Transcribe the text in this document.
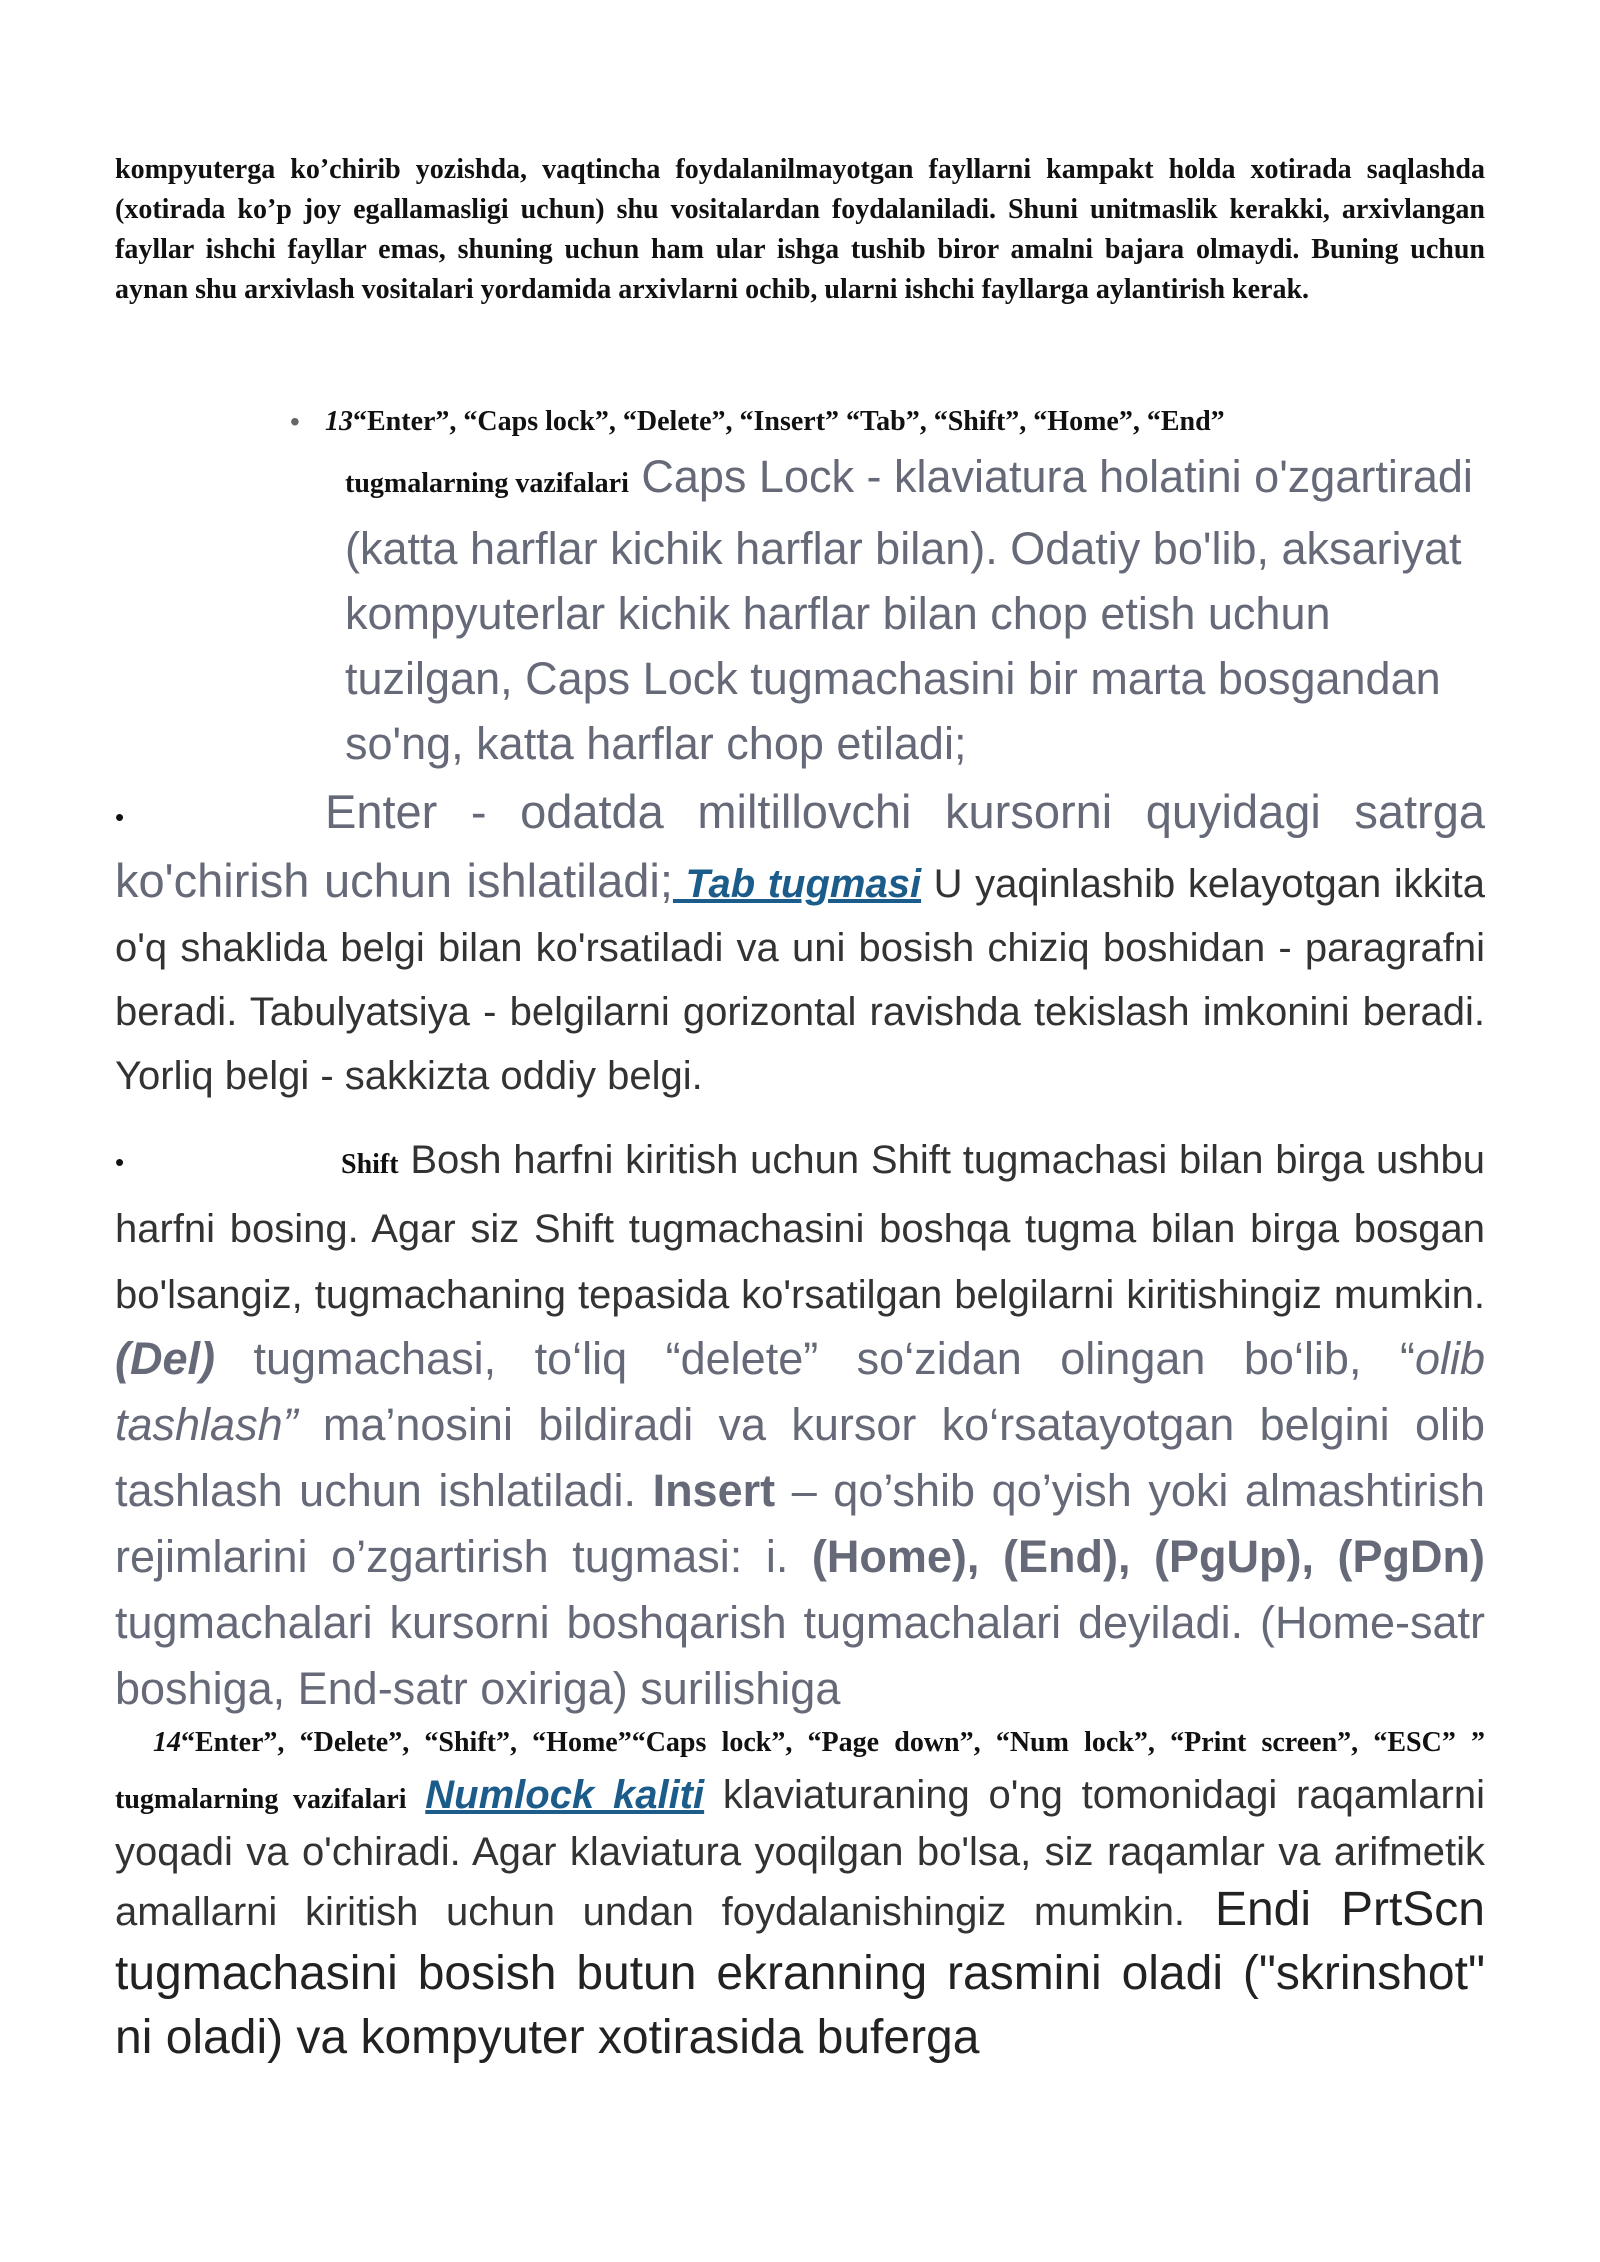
kompyuterga ko’chirib yozishda, vaqtincha foydalanilmayotgan fayllarni kampakt holda xotirada saqlashda (xotirada ko’p joy egallamasligi uchun) shu vositalardan foydalaniladi. Shuni unitmaslik kerakki, arxivlangan fayllar ishchi fayllar emas, shuning uchun ham ular ishga tushib biror amalni bajara olmaydi. Buning uchun aynan shu arxivlash vositalari yordamida arxivlarni ochib, ularni ishchi fayllarga aylantirish kerak.

• 13“Enter”, “Caps lock”, “Delete”, “Insert” “Tab”, “Shift”, “Home”, “End”
tugmalarning vazifalari Caps Lock - klaviatura holatini o'zgartiradi (katta harflar kichik harflar bilan). Odatiy bo'lib, aksariyat kompyuterlar kichik harflar bilan chop etish uchun tuzilgan, Caps Lock tugmachasini bir marta bosgandan so'ng, katta harflar chop etiladi;

•	Enter - odatda miltillovchi kursorni quyidagi satrga ko'chirish uchun ishlatiladi; Tab tugmasi U yaqinlashib kelayotgan ikkita o'q shaklida belgi bilan ko'rsatiladi va uni bosish chiziq boshidan - paragrafni beradi. Tabulyatsiya - belgilarni gorizontal ravishda tekislash imkonini beradi. Yorliq belgi - sakkizta oddiy belgi.

•	Shift Bosh harfni kiritish uchun Shift tugmachasi bilan birga ushbu harfni bosing. Agar siz Shift tugmachasini boshqa tugma bilan birga bosgan bo'lsangiz, tugmachaning tepasida ko'rsatilgan belgilarni kiritishingiz mumkin. (Del) tugmachasi, to‘liq “delete” so‘zidan olingan bo‘lib, “olib tashlash” ma’nosini bildiradi va kursor ko‘rsatayotgan belgini olib tashlash uchun ishlatiladi. Insert – qo’shib qo’yish yoki almashtirish rejimlarini o’zgartirish tugmasi: i. (Home), (End), (PgUp), (PgDn) tugmachalari kursorni boshqarish tugmachalari deyiladi. (Home-satr boshiga, End-satr oxiriga) surilishiga

14“Enter”, “Delete”, “Shift”, “Home”“Caps lock”, “Page down”, “Num lock”, “Print screen”, “ESC” ” tugmalarning vazifalari Numlock kaliti klaviaturaning o'ng tomonidagi raqamlarni yoqadi va o'chiradi. Agar klaviatura yoqilgan bo'lsa, siz raqamlar va arifmetik amallarni kiritish uchun undan foydalanishingiz mumkin. Endi PrtScn tugmachasini bosish butun ekranning rasmini oladi ("skrinshot" ni oladi) va kompyuter xotirasida buferga
